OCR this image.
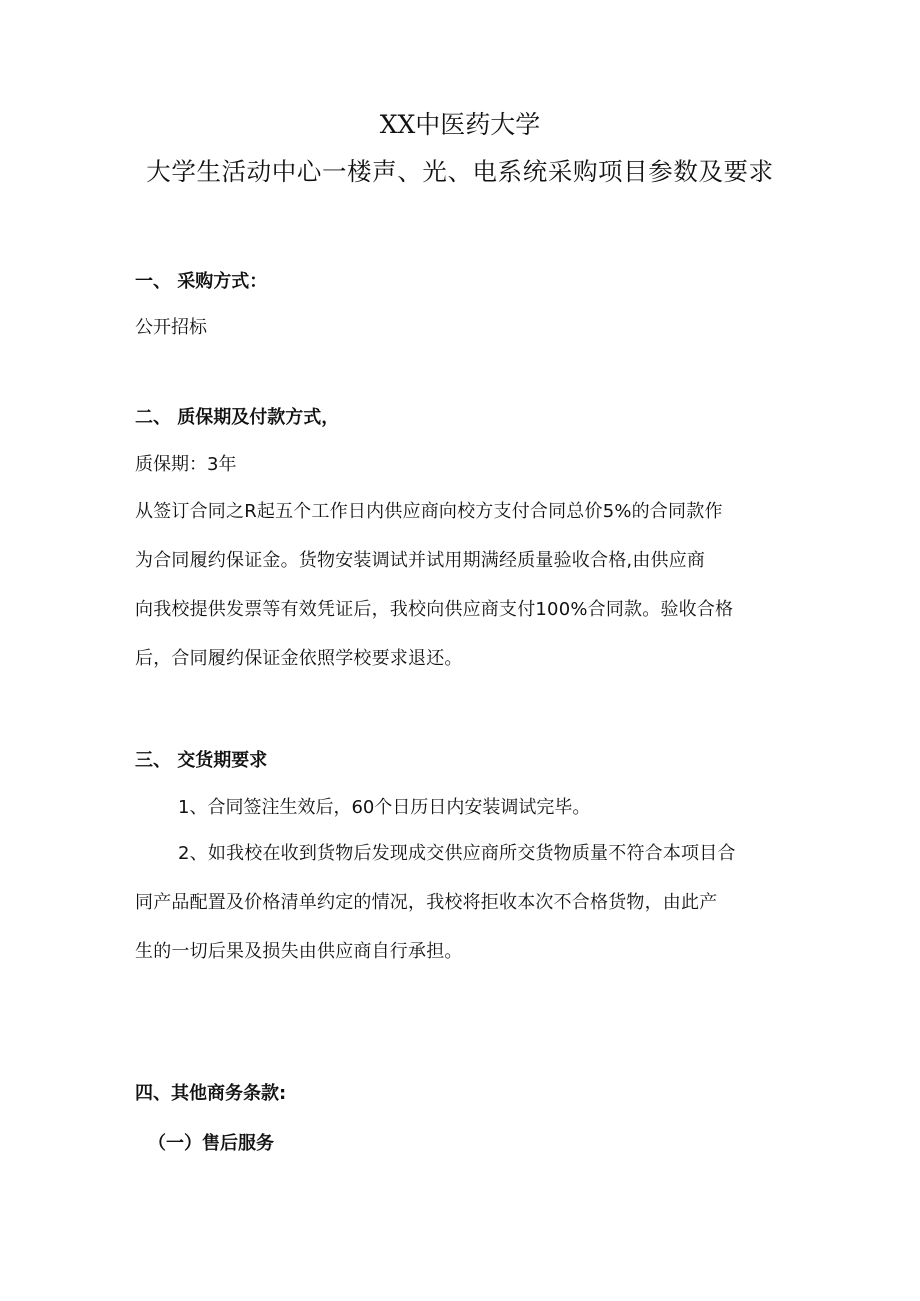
XX中医药大学
大学生活动中心一楼声、光、电系统采购项目参数及要求
一、 采购方式：
公开招标
二、 质保期及付款方式，
质保期：3年
从签订合同之R起五个工作日内供应商向校方支付合同总价5%的合同款作
为合同履约保证金。货物安装调试并试用期满经质量验收合格,由供应商
向我校提供发票等有效凭证后，我校向供应商支付100%合同款。验收合格
后，合同履约保证金依照学校要求退还。
三、 交货期要求
1、合同签注生效后，60个日历日内安装调试完毕。
2、如我校在收到货物后发现成交供应商所交货物质量不符合本项目合
同产品配置及价格清单约定的情况，我校将拒收本次不合格货物，由此产
生的一切后果及损失由供应商自行承担。
四、其他商务条款:
（一）售后服务
